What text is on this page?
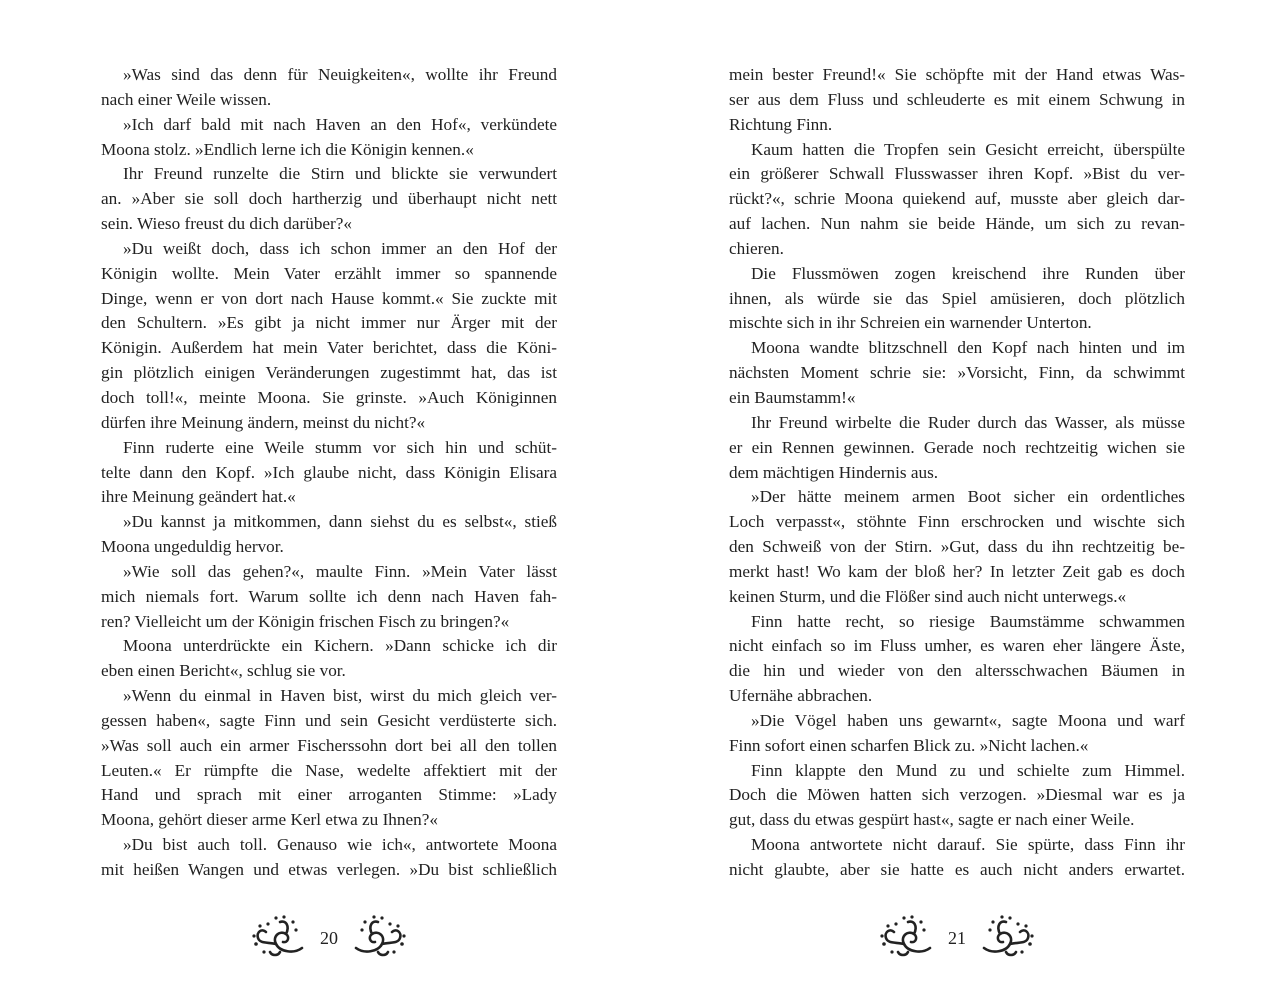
»Was sind das denn für Neuigkeiten«, wollte ihr Freund
nach einer Weile wissen.
»Ich darf bald mit nach Haven an den Hof«, verkündete
Moona stolz. »Endlich lerne ich die Königin kennen.«
Ihr Freund runzelte die Stirn und blickte sie verwundert
an. »Aber sie soll doch hartherzig und überhaupt nicht nett
sein. Wieso freust du dich darüber?«
»Du weißt doch, dass ich schon immer an den Hof der
Königin wollte. Mein Vater erzählt immer so spannende
Dinge, wenn er von dort nach Hause kommt.« Sie zuckte mit
den Schultern. »Es gibt ja nicht immer nur Ärger mit der
Königin. Außerdem hat mein Vater berichtet, dass die Köni-
gin plötzlich einigen Veränderungen zugestimmt hat, das ist
doch toll!«, meinte Moona. Sie grinste. »Auch Königinnen
dürfen ihre Meinung ändern, meinst du nicht?«
Finn ruderte eine Weile stumm vor sich hin und schüt-
telte dann den Kopf. »Ich glaube nicht, dass Königin Elisara
ihre Meinung geändert hat.«
»Du kannst ja mitkommen, dann siehst du es selbst«, stieß
Moona ungeduldig hervor.
»Wie soll das gehen?«, maulte Finn. »Mein Vater lässt
mich niemals fort. Warum sollte ich denn nach Haven fah-
ren? Vielleicht um der Königin frischen Fisch zu bringen?«
Moona unterdrückte ein Kichern. »Dann schicke ich dir
eben einen Bericht«, schlug sie vor.
»Wenn du einmal in Haven bist, wirst du mich gleich ver-
gessen haben«, sagte Finn und sein Gesicht verdüsterte sich.
»Was soll auch ein armer Fischerssohn dort bei all den tollen
Leuten.« Er rümpfte die Nase, wedelte affektiert mit der
Hand und sprach mit einer arroganten Stimme: »Lady
Moona, gehört dieser arme Kerl etwa zu Ihnen?«
»Du bist auch toll. Genauso wie ich«, antwortete Moona
mit heißen Wangen und etwas verlegen. »Du bist schließlich
mein bester Freund!« Sie schöpfte mit der Hand etwas Was-
ser aus dem Fluss und schleuderte es mit einem Schwung in
Richtung Finn.
Kaum hatten die Tropfen sein Gesicht erreicht, überspülte
ein größerer Schwall Flusswasser ihren Kopf. »Bist du ver-
rückt?«, schrie Moona quiekend auf, musste aber gleich dar-
auf lachen. Nun nahm sie beide Hände, um sich zu revan-
chieren.
Die Flussmöwen zogen kreischend ihre Runden über
ihnen, als würde sie das Spiel amüsieren, doch plötzlich
mischte sich in ihr Schreien ein warnender Unterton.
Moona wandte blitzschnell den Kopf nach hinten und im
nächsten Moment schrie sie: »Vorsicht, Finn, da schwimmt
ein Baumstamm!«
Ihr Freund wirbelte die Ruder durch das Wasser, als müsse
er ein Rennen gewinnen. Gerade noch rechtzeitig wichen sie
dem mächtigen Hindernis aus.
»Der hätte meinem armen Boot sicher ein ordentliches
Loch verpasst«, stöhnte Finn erschrocken und wischte sich
den Schweiß von der Stirn. »Gut, dass du ihn rechtzeitig be-
merkt hast! Wo kam der bloß her? In letzter Zeit gab es doch
keinen Sturm, und die Flößer sind auch nicht unterwegs.«
Finn hatte recht, so riesige Baumstämme schwammen
nicht einfach so im Fluss umher, es waren eher längere Äste,
die hin und wieder von den altersschwachen Bäumen in
Ufernähe abbrachen.
»Die Vögel haben uns gewarnt«, sagte Moona und warf
Finn sofort einen scharfen Blick zu. »Nicht lachen.«
Finn klappte den Mund zu und schielte zum Himmel.
Doch die Möwen hatten sich verzogen. »Diesmal war es ja
gut, dass du etwas gespürt hast«, sagte er nach einer Weile.
Moona antwortete nicht darauf. Sie spürte, dass Finn ihr
nicht glaubte, aber sie hatte es auch nicht anders erwartet.
20	21
